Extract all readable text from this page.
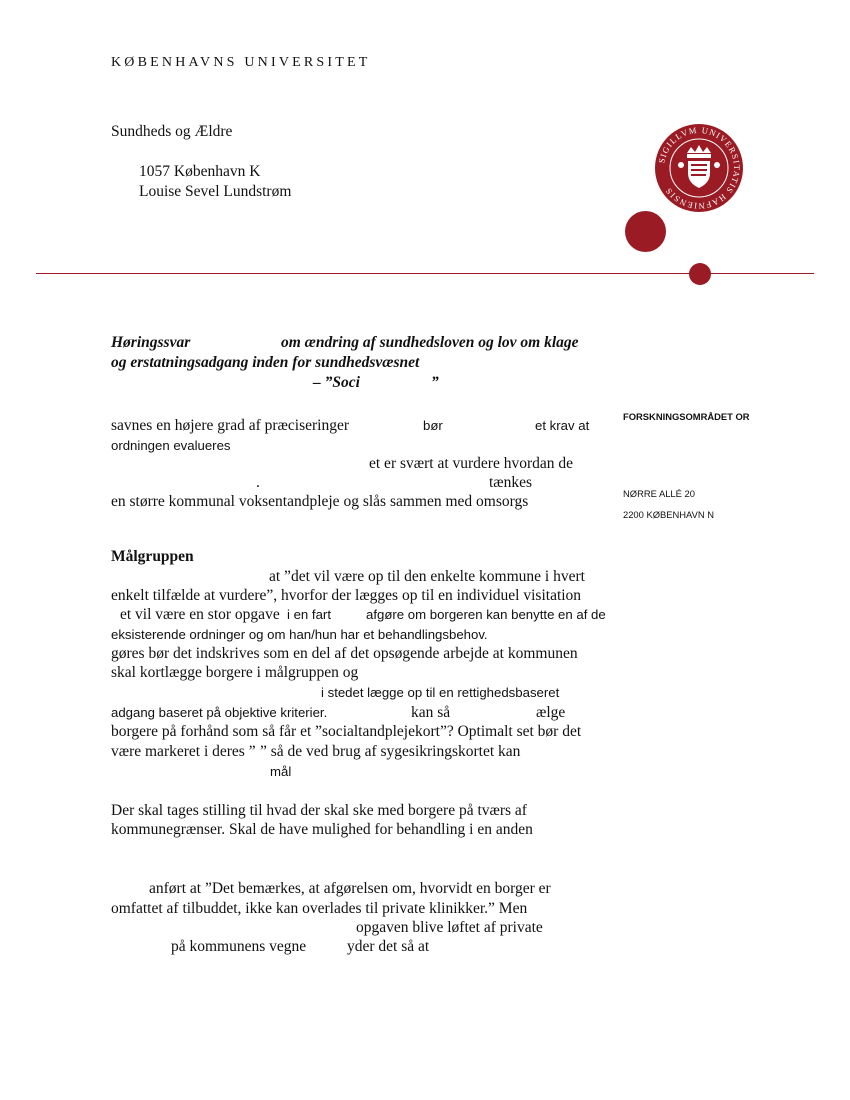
KØBENHAVNS UNIVERSITET
Sundheds og Ældre
1057 København K
Louise Sevel Lundstrøm
SIGILLVM UNIVERSITATIS HAFNIENSIS
FORSKNINGSOMRÅDET OR
NØRRE ALLÉ 20
2200 KØBENHAVN N
Høringssvar	om ændring af sundhedsloven og lov om klage
og erstatningsadgang inden for sundhedsvæsnet
– ”Soci	”
savnes en højere grad af præciseringer	bør	et krav at
ordningen evalueres
et er svært at vurdere hvordan de
.	tænkes
en større kommunal voksentandpleje og slås sammen med omsorgs
Målgruppen
at ”det vil være op til den enkelte kommune i hvert
enkelt tilfælde at vurdere”, hvorfor der lægges op til en individuel visitation
et vil være en stor opgave i en fart	afgøre om borgeren kan benytte en af de
eksisterende ordninger og om han/hun har et behandlingsbehov.
gøres bør det indskrives som en del af det opsøgende arbejde at kommunen
skal kortlægge borgere i målgruppen og
i stedet lægge op til en rettighedsbaseret
adgang baseret på objektive kriterier.	kan så	ælge
borgere på forhånd som så får et ”socialtandplejekort”? Optimalt set bør det
være markeret i deres ” ” så de ved brug af sygesikringskortet kan
mål
Der skal tages stilling til hvad der skal ske med borgere på tværs af
kommunegrænser. Skal de have mulighed for behandling i en anden
anført at ”Det bemærkes, at afgørelsen om, hvorvidt en borger er
omfattet af tilbuddet, ikke kan overlades til private klinikker.” Men
opgaven blive løftet af private
på kommunens vegne	yder det så at
